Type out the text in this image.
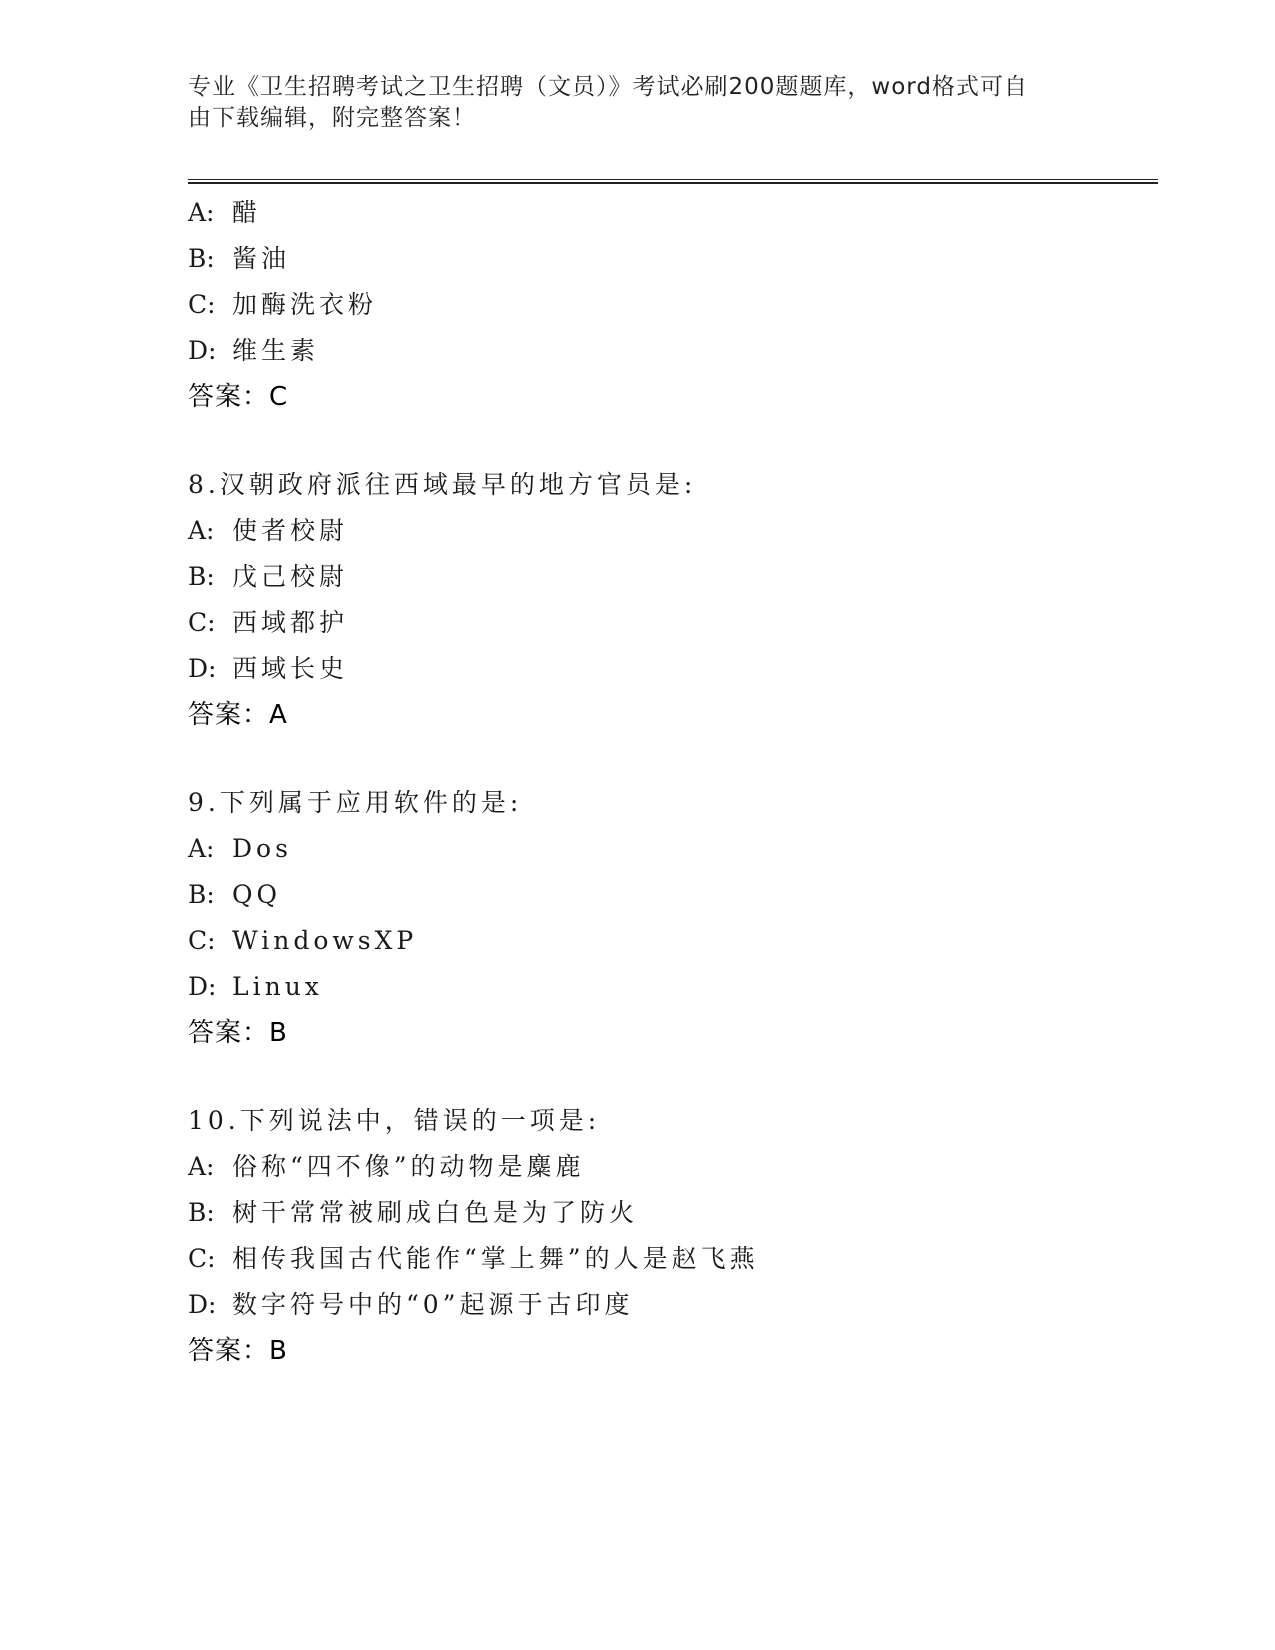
专业《卫生招聘考试之卫生招聘（文员）》考试必刷200题题库，word格式可自
由下载编辑，附完整答案！
A: 醋
B: 酱油
C: 加酶洗衣粉
D: 维生素
答案：C
8.汉朝政府派往西域最早的地方官员是:
A: 使者校尉
B: 戊己校尉
C: 西域都护
D: 西域长史
答案：A
9.下列属于应用软件的是:
A: Dos
B: QQ
C: WindowsXP
D: Linux
答案：B
10.下列说法中，错误的一项是:
A: 俗称“四不像”的动物是麋鹿
B: 树干常常被刷成白色是为了防火
C: 相传我国古代能作“掌上舞”的人是赵飞燕
D: 数字符号中的“0”起源于古印度
答案：B
